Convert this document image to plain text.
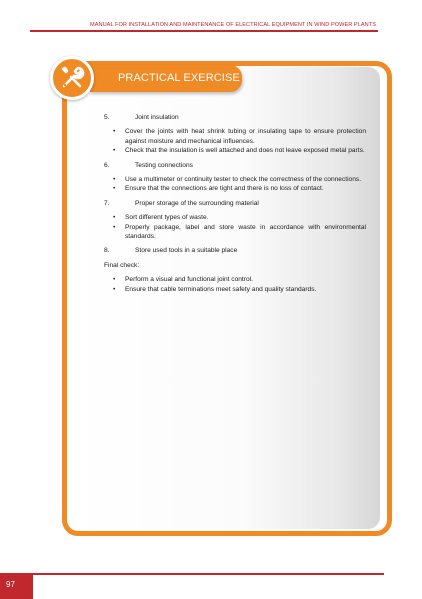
MANUAL FOR INSTALLATION AND MAINTENANCE OF ELECTRICAL EQUIPMENT IN WIND POWER PLANTS
PRACTICAL EXERCISE
5.	Joint insulation
• Cover the joints with heat shrink tubing or insulating tape to ensure protection against moisture and mechanical influences.
• Check that the insulation is well attached and does not leave exposed metal parts.
6.	Testing connections
• Use a multimeter or continuity tester to check the correctness of the connections.
• Ensure that the connections are tight and there is no loss of contact.
7.	Proper storage of the surrounding material
• Sort different types of waste.
• Properly package, label and store waste in accordance with environmental standards.
8.	Store used tools in a suitable place
Final check:
• Perform a visual and functional joint control.
• Ensure that cable terminations meet safety and quality standards.
97
